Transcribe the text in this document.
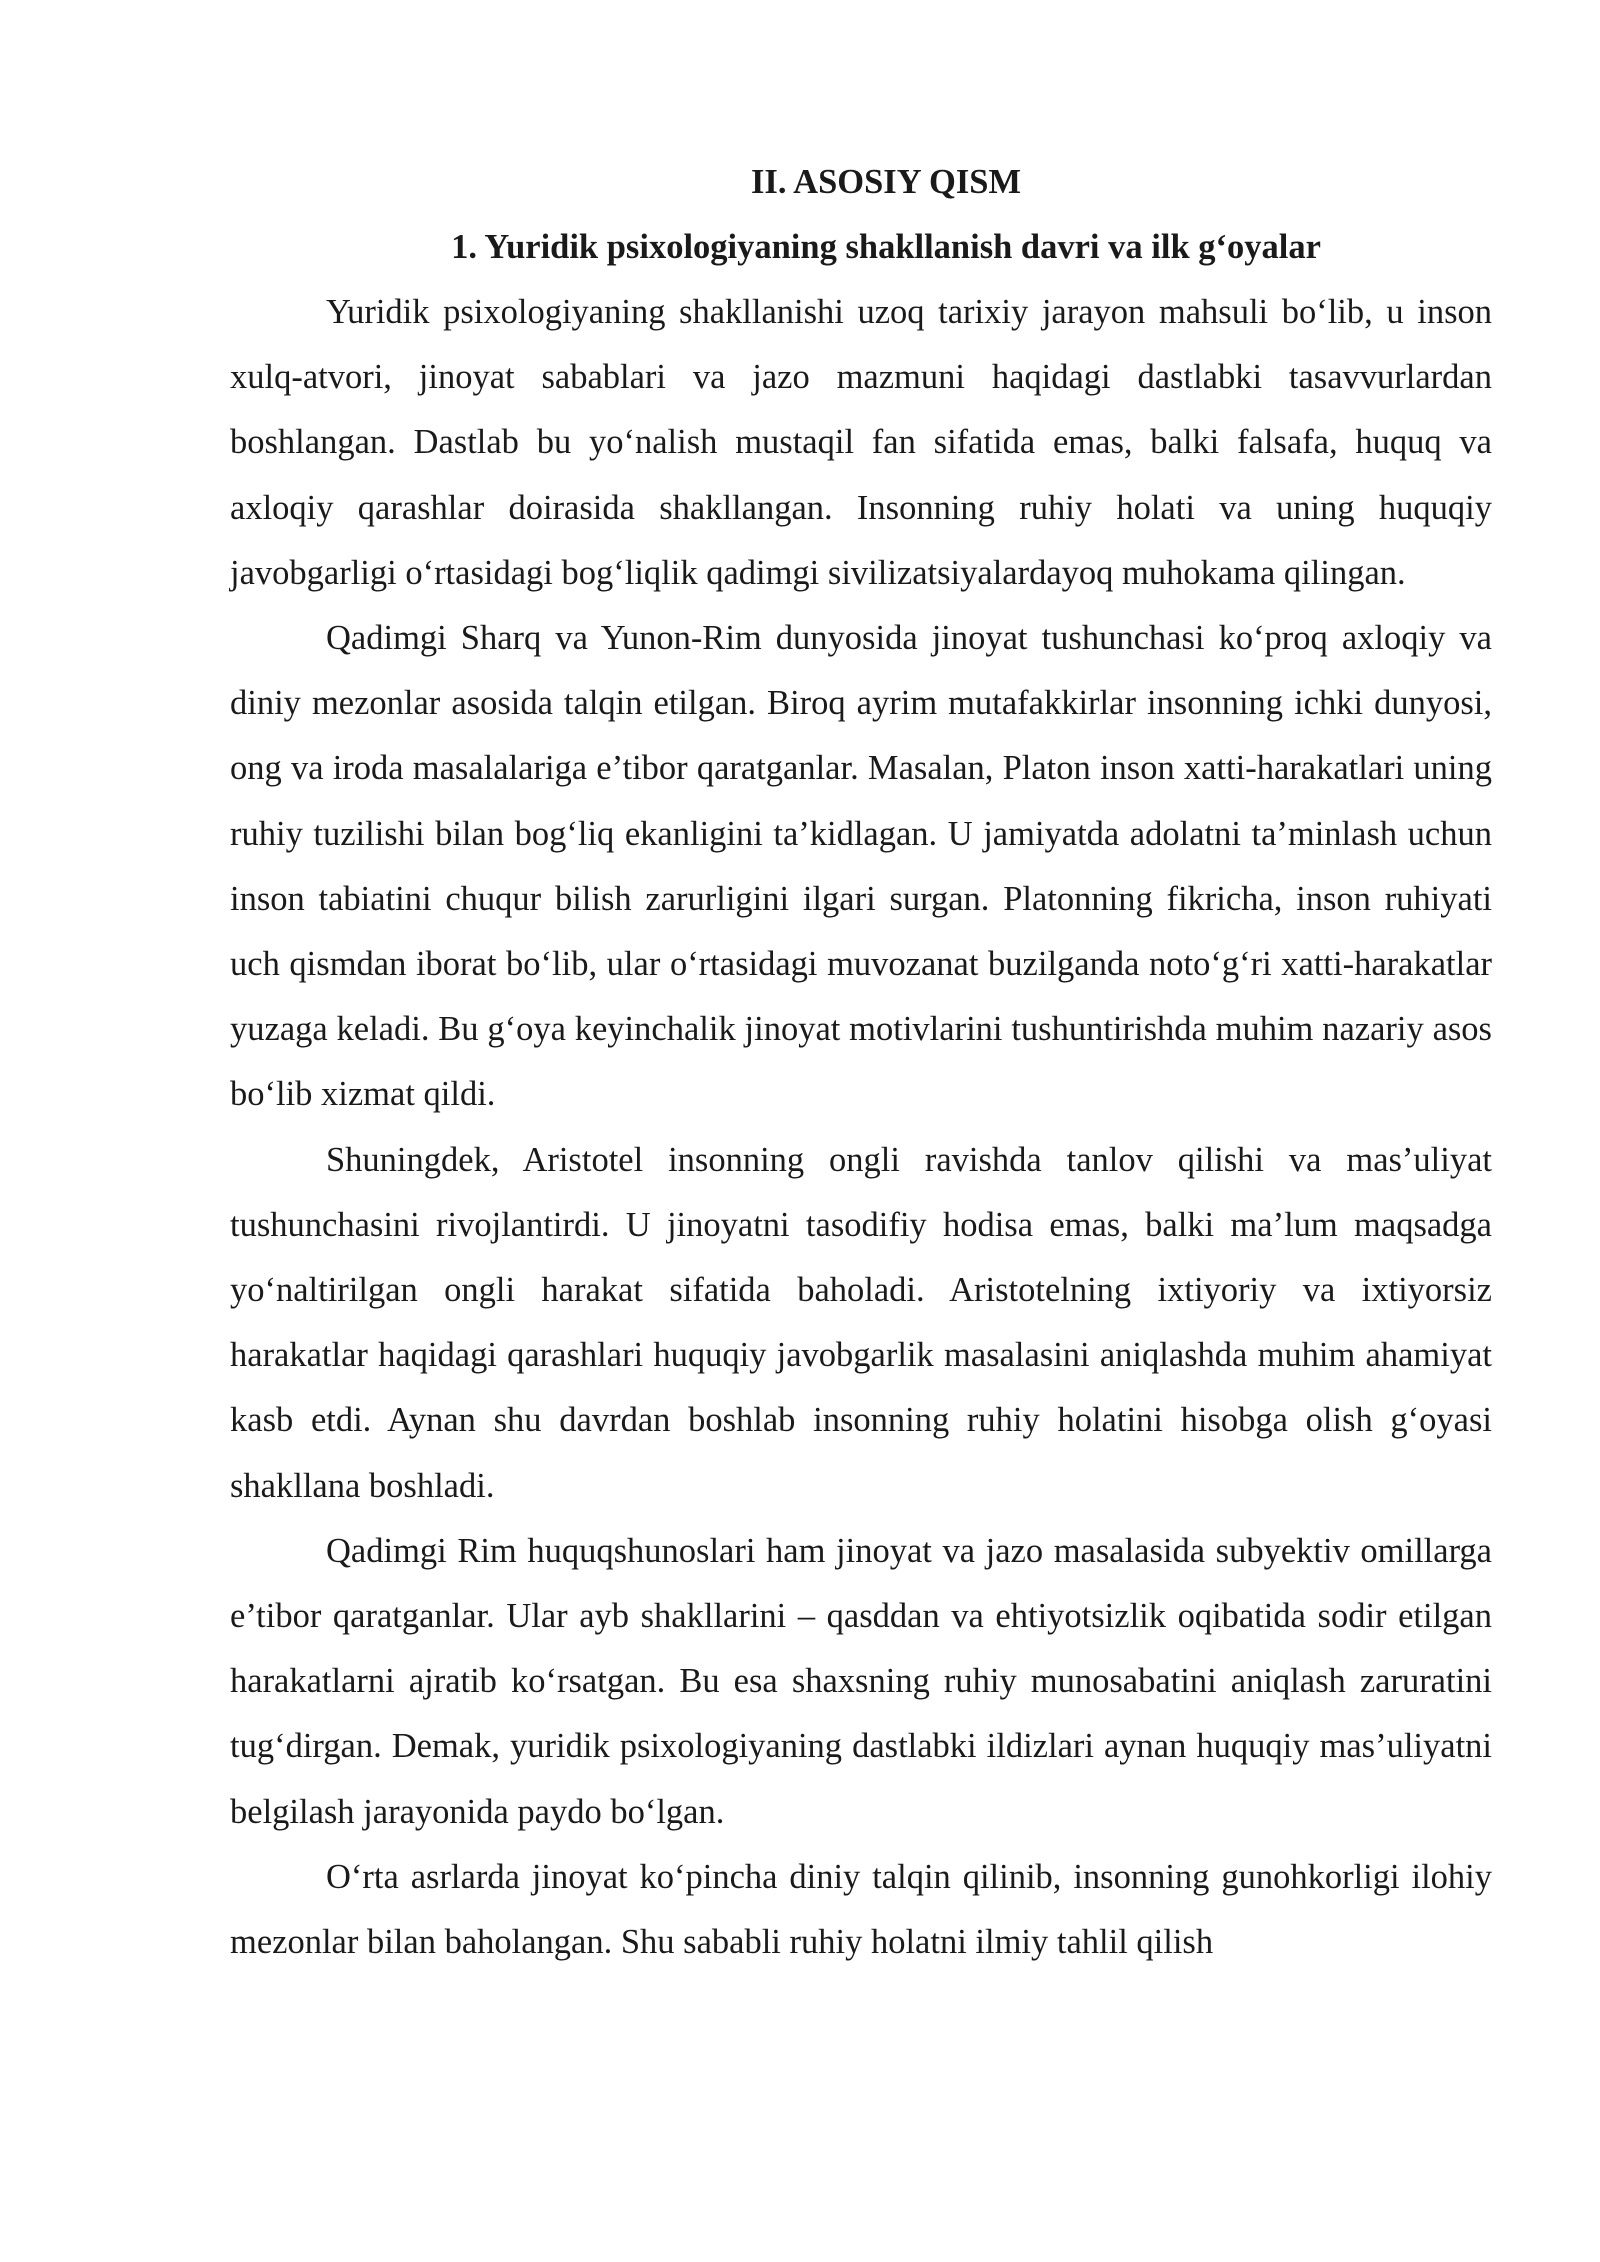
II. ASOSIY QISM
1. Yuridik psixologiyaning shakllanish davri va ilk g‘oyalar

Yuridik psixologiyaning shakllanishi uzoq tarixiy jarayon mahsuli bo‘lib, u inson xulq-atvori, jinoyat sabablari va jazo mazmuni haqidagi dastlabki tasavvurlardan boshlangan. Dastlab bu yo‘nalish mustaqil fan sifatida emas, balki falsafa, huquq va axloqiy qarashlar doirasida shakllangan. Insonning ruhiy holati va uning huquqiy javobgarligi o‘rtasidagi bog‘liqlik qadimgi sivilizatsiyalardayoq muhokama qilingan.

Qadimgi Sharq va Yunon-Rim dunyosida jinoyat tushunchasi ko‘proq axloqiy va diniy mezonlar asosida talqin etilgan. Biroq ayrim mutafakkirlar insonning ichki dunyosi, ong va iroda masalalariga e’tibor qaratganlar. Masalan, Platon inson xatti-harakatlari uning ruhiy tuzilishi bilan bog‘liq ekanligini ta’kidlagan. U jamiyatda adolatni ta’minlash uchun inson tabiatini chuqur bilish zarurligini ilgari surgan. Platonning fikricha, inson ruhiyati uch qismdan iborat bo‘lib, ular o‘rtasidagi muvozanat buzilganda noto‘g‘ri xatti-harakatlar yuzaga keladi. Bu g‘oya keyinchalik jinoyat motivlarini tushuntirishda muhim nazariy asos bo‘lib xizmat qildi.

Shuningdek, Aristotel insonning ongli ravishda tanlov qilishi va mas’uliyat tushunchasini rivojlantirdi. U jinoyatni tasodifiy hodisa emas, balki ma’lum maqsadga yo‘naltirilgan ongli harakat sifatida baholadi. Aristotelning ixtiyoriy va ixtiyorsiz harakatlar haqidagi qarashlari huquqiy javobgarlik masalasini aniqlashda muhim ahamiyat kasb etdi. Aynan shu davrdan boshlab insonning ruhiy holatini hisobga olish g‘oyasi shakllana boshladi.

Qadimgi Rim huquqshunoslari ham jinoyat va jazo masalasida subyektiv omillarga e’tibor qaratganlar. Ular ayb shakllarini – qasddan va ehtiyotsizlik oqibatida sodir etilgan harakatlarni ajratib ko‘rsatgan. Bu esa shaxsning ruhiy munosabatini aniqlash zaruratini tug‘dirgan. Demak, yuridik psixologiyaning dastlabki ildizlari aynan huquqiy mas’uliyatni belgilash jarayonida paydo bo‘lgan.

O‘rta asrlarda jinoyat ko‘pincha diniy talqin qilinib, insonning gunohkorligi ilohiy mezonlar bilan baholangan. Shu sababli ruhiy holatni ilmiy tahlil qilish
